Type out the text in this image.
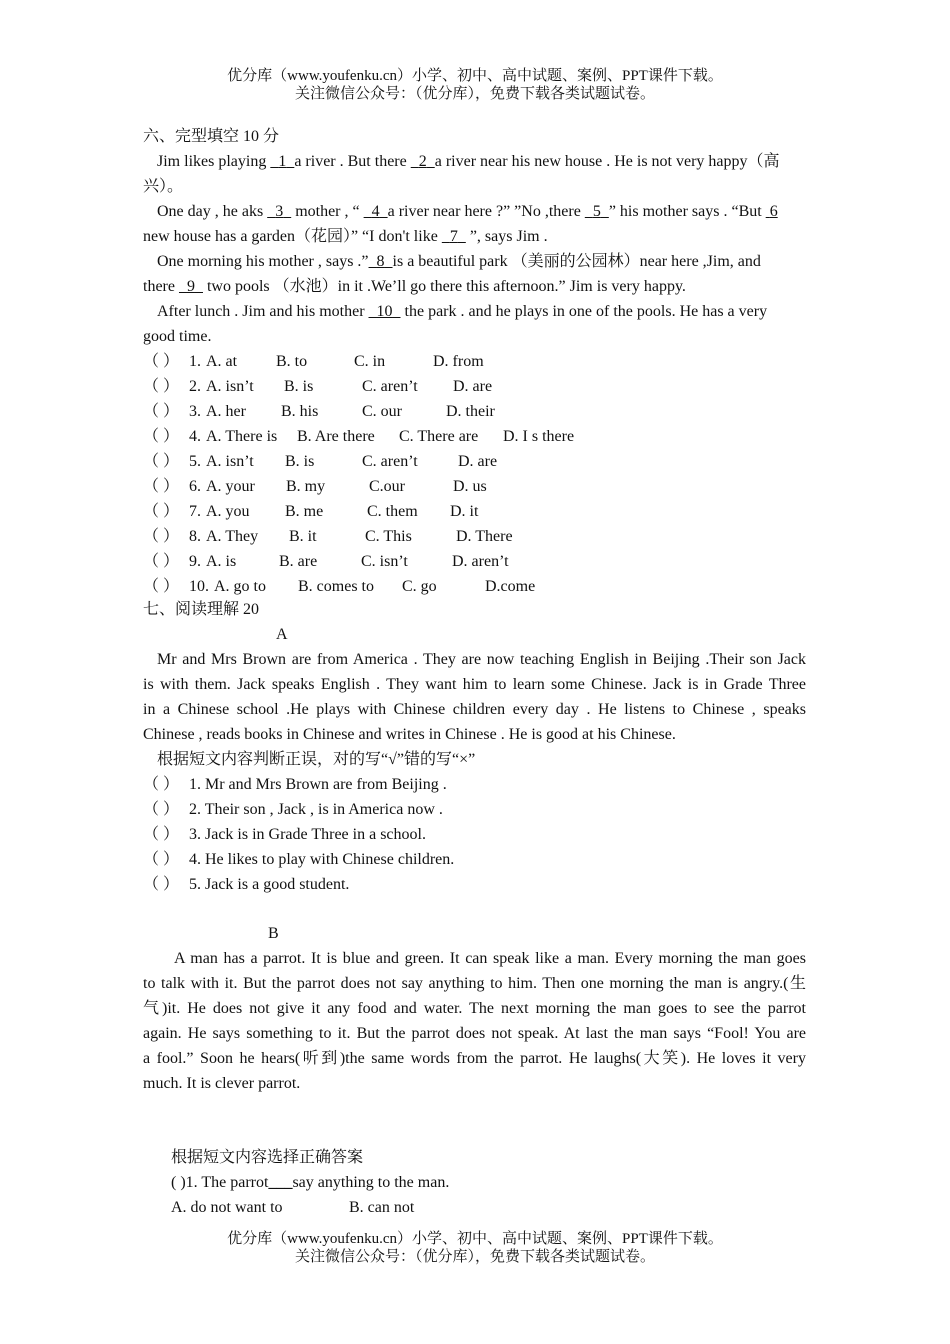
优分库（www.youfenku.cn）小学、初中、高中试题、案例、PPT课件下载。
关注微信公众号：（优分库），免费下载各类试题试卷。
六、完型填空 10 分
Jim likes playing   1 a river . But there   2 a river near his new house . He is not very happy（高
兴）。
One day , he aks   3   mother , “   4 a river near here ?” ”No ,there   5 ” his mother says . “But  6
new house has a garden（花园）” “I don't like   7   ”, says Jim .
One morning his mother , says .” 8 is a beautiful park （美丽的公园林）near here ,Jim, and
there   9   two pools （水池）in it .We’ll go there this afternoon.” Jim is very happy.
After lunch . Jim and his mother   10   the park . and he plays in one of the pools. He has a very
good time.
（ ） 1. A. at B. to	C. in	D. from
（ ） 2. A. isn’t B. is	C. aren’t D. are
（ ） 3. A. her B. his	C. our	D. their
（ ） 4. A. There is B. Are there C. There are D. I s there
（ ） 5. A. isn’t B. is	C. aren’t	D. are
（ ） 6. A. your B. my	C.our	D. us
（ ） 7. A. you B. me	C. them D. it
（ ） 8. A. They B. it	C. This	D. There
（ ） 9. A. is	B. are	C. isn’t	D. aren’t
（ ） 10. A. go to B. comes to C. go	D.come
七、阅读理解 20
A
Mr and Mrs Brown are from America . They are now teaching English in Beijing .Their son Jack
is with them. Jack speaks English . They want him to learn some Chinese. Jack is in Grade Three
in a Chinese school .He plays with Chinese children every day . He listens to Chinese , speaks
Chinese , reads books in Chinese and writes in Chinese . He is good at his Chinese.
根据短文内容判断正误，对的写“√”错的写“×”
（ ） 1. Mr and Mrs Brown are from Beijing .
（ ） 2. Their son , Jack , is in America now .
（ ） 3. Jack is in Grade Three in a school.
（ ） 4. He likes to play with Chinese children.
（ ） 5. Jack is a good student.
B
A man has a parrot. It is blue and green. It can speak like a man. Every morning the man goes
to talk with it. But the parrot does not say anything to him. Then one morning the man is angry.(生
气)it. He does not give it any food and water. The next morning the man goes to see the parrot
again. He says something to it. But the parrot does not speak. At last the man says “Fool! You are
a fool.” Soon he hears(听到)the same words from the parrot. He laughs(大笑). He loves it very
much. It is clever parrot.
根据短文内容选择正确答案
( )1. The parrot___say anything to the man.
A. do not want to	B. can not
优分库（www.youfenku.cn）小学、初中、高中试题、案例、PPT课件下载。
关注微信公众号：（优分库），免费下载各类试题试卷。
